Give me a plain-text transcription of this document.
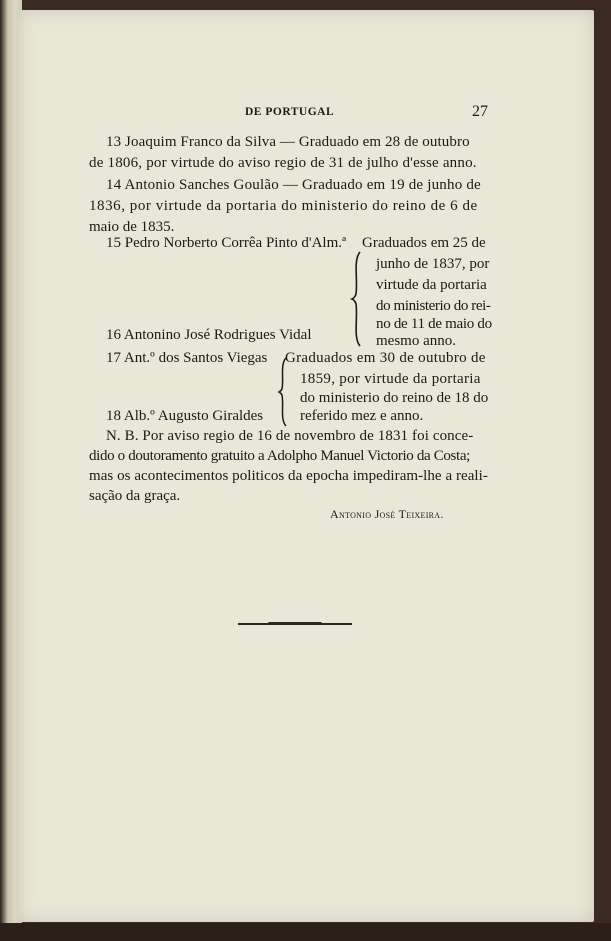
DE PORTUGAL	27
13 Joaquim Franco da Silva — Graduado em 28 de outubro
de 1806, por virtude do aviso regio de 31 de julho d'esse anno.
14 Antonio Sanches Goulão — Graduado em 19 de junho de
1836, por virtude da portaria do ministerio do reino de 6 de
maio de 1835.
15 Pedro Norberto Corrêa Pinto d'Alm.ª
16 Antonino José Rodrigues Vidal
Graduados em 25 de
junho de 1837, por
virtude da portaria
do ministerio do rei-
no de 11 de maio do
mesmo anno.
17 Ant.º dos Santos Viegas
18 Alb.º Augusto Giraldes
Graduados em 30 de outubro de
1859, por virtude da portaria
do ministerio do reino de 18 do
referido mez e anno.
N. B. Por aviso regio de 16 de novembro de 1831 foi conce-
dido o doutoramento gratuito a Adolpho Manuel Victorio da Costa;
mas os acontecimentos politicos da epocha impediram-lhe a reali-
sação da graça.
Antonio José Teixeira.
